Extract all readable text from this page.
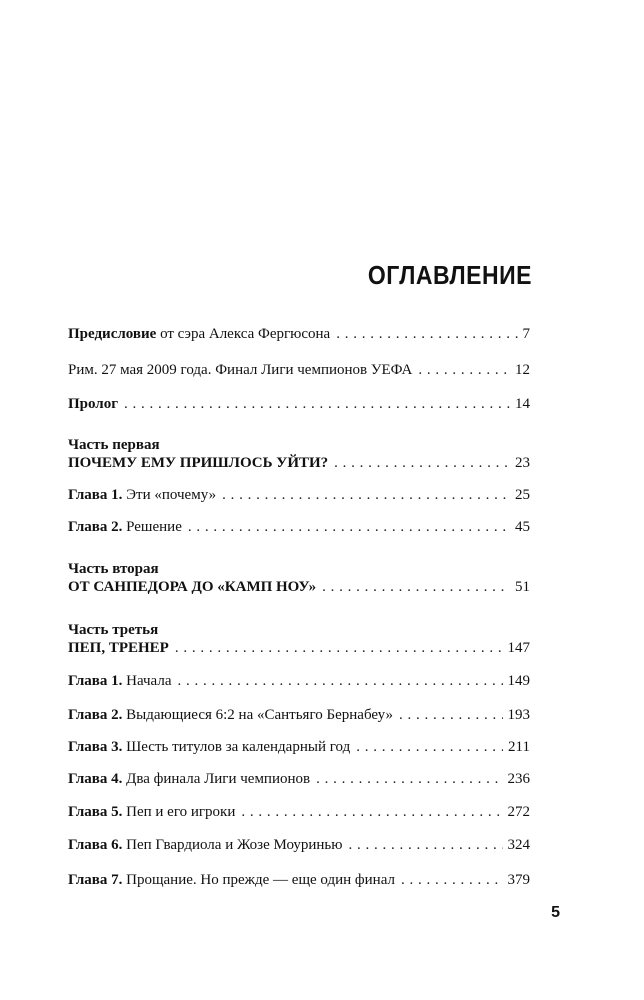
ОГЛАВЛЕНИЕ
Предисловие от сэра Алекса Фергюсона . . .	7
Рим. 27 мая 2009 года. Финал Лиги чемпионов УЕФА . . .	12
Пролог . . .	14
Часть первая
ПОЧЕМУ ЕМУ ПРИШЛОСЬ УЙТИ? . . .	23
Глава 1. Эти «почему» . . .	25
Глава 2. Решение . . .	45
Часть вторая
ОТ САНПЕДОРА ДО «КАМП НОУ» . . .	51
Часть третья
ПЕП, ТРЕНЕР . . .	147
Глава 1. Начала . . .	149
Глава 2. Выдающиеся 6:2 на «Сантьяго Бернабеу» . . .	193
Глава 3. Шесть титулов за календарный год . . .	211
Глава 4. Два финала Лиги чемпионов . . .	236
Глава 5. Пеп и его игроки . . .	272
Глава 6. Пеп Гвардиола и Жозе Моуринью . . .	324
Глава 7. Прощание. Но прежде — еще один финал . . .	379
5
